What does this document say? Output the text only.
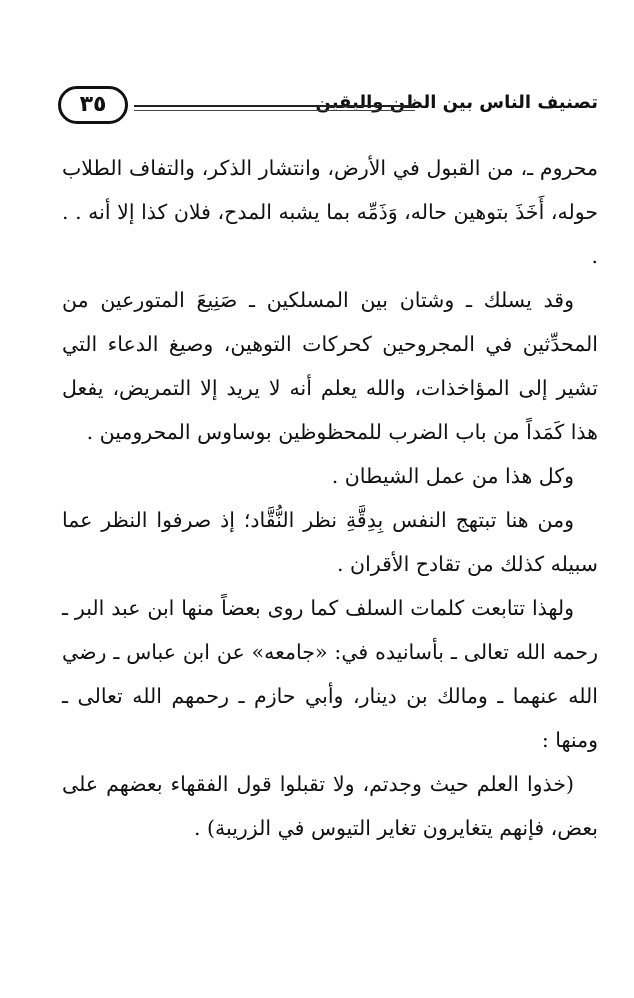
تصنيف الناس بين الظن واليقين
٣٥

محروم ـ، من القبول في الأرض، وانتشار الذكر، والتفاف الطلاب حوله، أَخَذَ بتوهين حاله، وَذَمِّه بما يشبه المدح، فلان كذا إلا أنه . . .

وقد يسلك ـ وشتان بين المسلكين ـ صَنِيعَ المتورعين من المحدِّثين في المجروحين كحركات التوهين، وصيغ الدعاء التي تشير إلى المؤاخذات، والله يعلم أنه لا يريد إلا التمريض، يفعل هذا كَمَداً من باب الضرب للمحظوظين بوساوس المحرومين .

وكل هذا من عمل الشيطان .

ومن هنا تبتهج النفس بِدِقَّةِ نظر النُّقَّاد؛ إذ صرفوا النظر عما سبيله كذلك من تقادح الأقران .

ولهذا تتابعت كلمات السلف كما روى بعضاً منها ابن عبد البر ـ رحمه الله تعالى ـ بأسانيده في: «جامعه» عن ابن عباس ـ رضي الله عنهما ـ ومالك بن دينار، وأبي حازم ـ رحمهم الله تعالى ـ ومنها :

(خذوا العلم حيث وجدتم، ولا تقبلوا قول الفقهاء بعضهم على بعض، فإنهم يتغايرون تغاير التيوس في الزريبة) .
